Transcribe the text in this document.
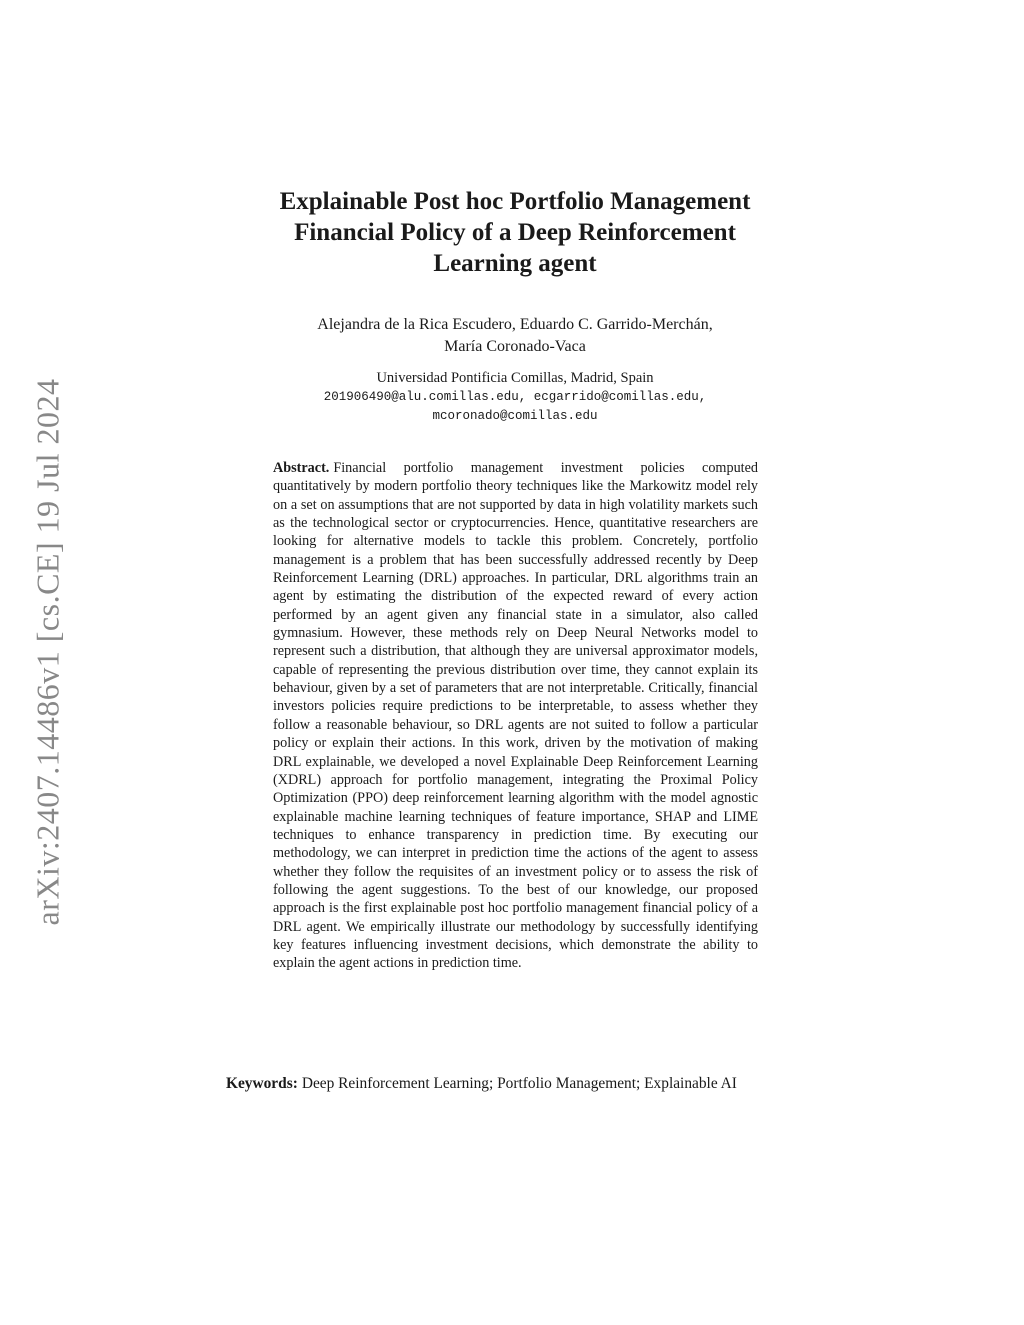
arXiv:2407.14486v1 [cs.CE] 19 Jul 2024
Explainable Post hoc Portfolio Management
Financial Policy of a Deep Reinforcement
Learning agent
Alejandra de la Rica Escudero, Eduardo C. Garrido-Merchán,
María Coronado-Vaca
Universidad Pontificia Comillas, Madrid, Spain
201906490@alu.comillas.edu, ecgarrido@comillas.edu,
mcoronado@comillas.edu

Abstract. Financial portfolio management investment policies computed quantitatively by modern portfolio theory techniques like the Markowitz model rely on a set on assumptions that are not supported by data in high volatility markets such as the technological sector or cryptocurrencies. Hence, quantitative researchers are looking for alternative models to tackle this problem. Concretely, portfolio management is a problem that has been successfully addressed recently by Deep Reinforcement Learning (DRL) approaches. In particular, DRL algorithms train an agent by estimating the distribution of the expected reward of every action performed by an agent given any financial state in a simulator, also called gymnasium. However, these methods rely on Deep Neural Networks model to represent such a distribution, that although they are universal approximator models, capable of representing the previous distribution over time, they cannot explain its behaviour, given by a set of parameters that are not interpretable. Critically, financial investors policies require predictions to be interpretable, to assess whether they follow a reasonable behaviour, so DRL agents are not suited to follow a particular policy or explain their actions. In this work, driven by the motivation of making DRL explainable, we developed a novel Explainable Deep Reinforcement Learning (XDRL) approach for portfolio management, integrating the Proximal Policy Optimization (PPO) deep reinforcement learning algorithm with the model agnostic explainable machine learning techniques of feature importance, SHAP and LIME techniques to enhance transparency in prediction time. By executing our methodology, we can interpret in prediction time the actions of the agent to assess whether they follow the requisites of an investment policy or to assess the risk of following the agent suggestions. To the best of our knowledge, our proposed approach is the first explainable post hoc portfolio management financial policy of a DRL agent. We empirically illustrate our methodology by successfully identifying key features influencing investment decisions, which demonstrate the ability to explain the agent actions in prediction time.

Keywords: Deep Reinforcement Learning; Portfolio Management; Explainable AI
